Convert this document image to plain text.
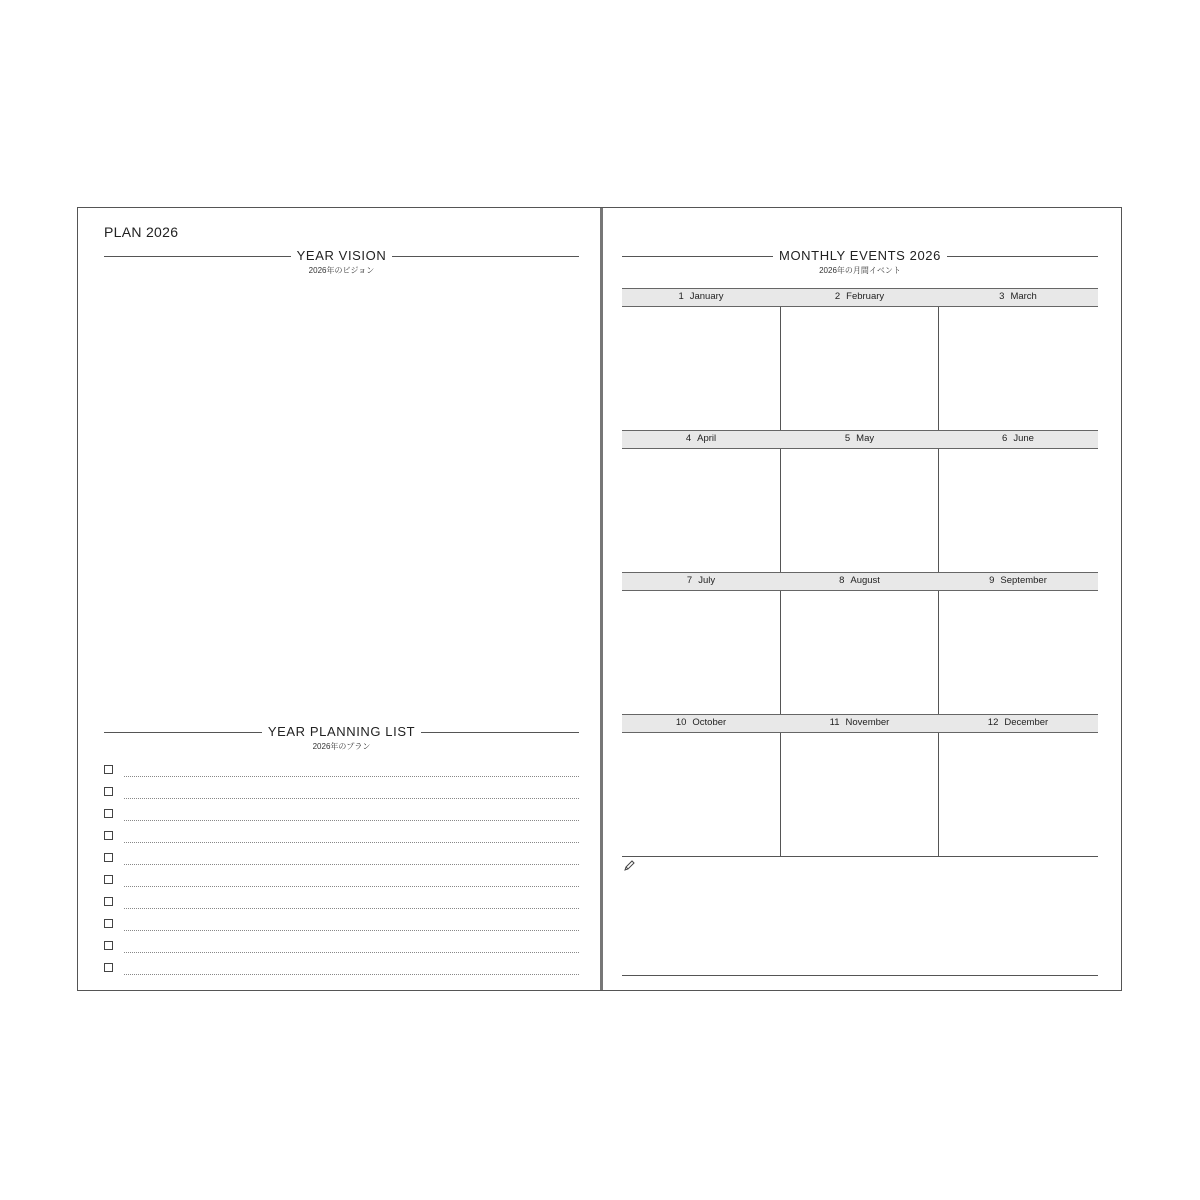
PLAN 2026
YEAR VISION
2026年のビジョン
YEAR PLANNING LIST
2026年のプラン
MONTHLY EVENTS 2026
2026年の月間イベント
1 January	2 February	3 March
4 April	5 May	6 June
7 July	8 August	9 September
10 October	11 November	12 December
